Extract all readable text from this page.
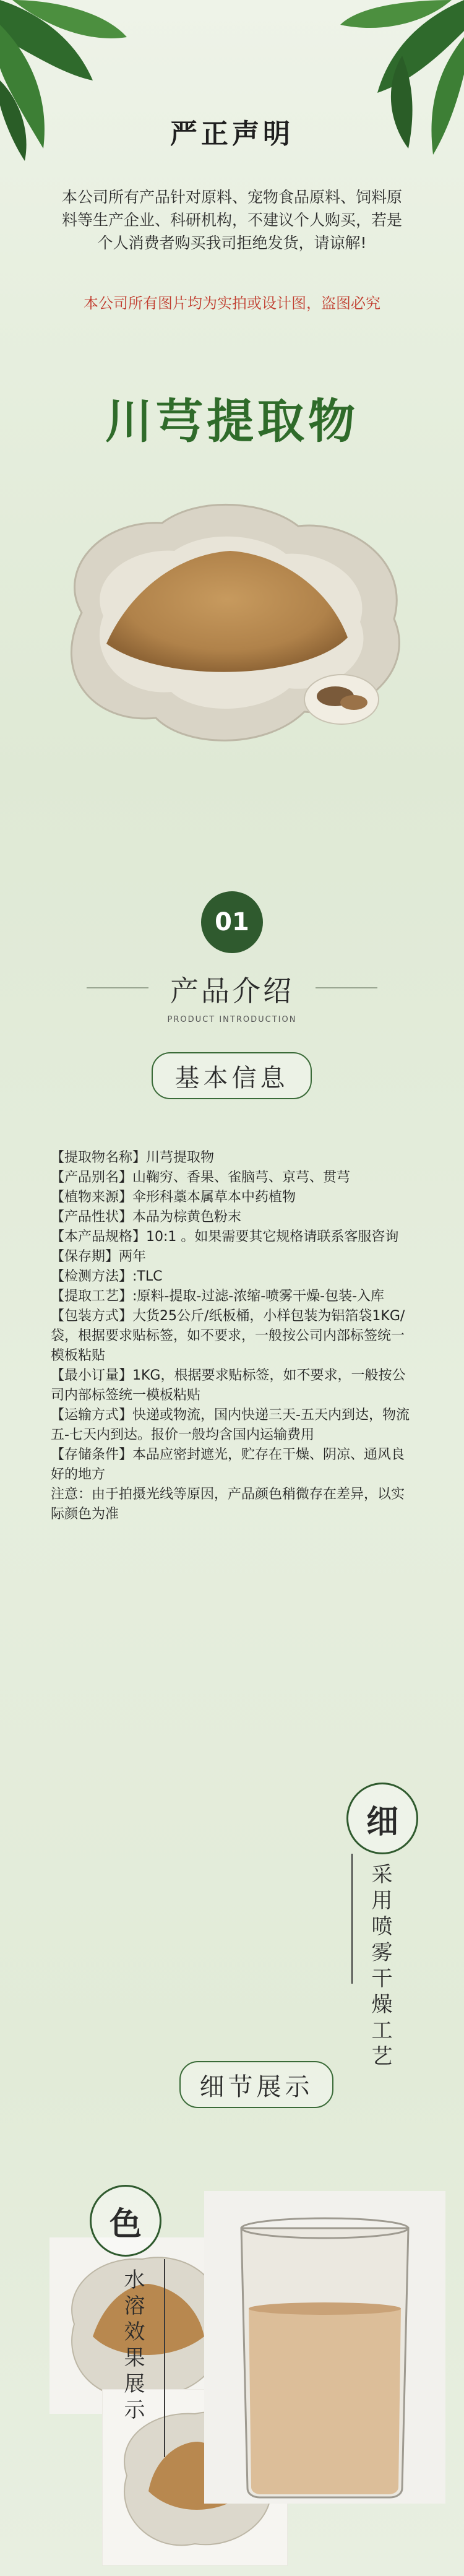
严正声明
本公司所有产品针对原料、宠物食品原料、饲料原料等生产企业、科研机构，不建议个人购买，若是个人消费者购买我司拒绝发货，请谅解!
本公司所有图片均为实拍或设计图，盗图必究
川芎提取物
01
产品介绍
PRODUCT INTRODUCTION
基本信息

【提取物名称】川芎提取物

【产品别名】山鞠穷、香果、雀脑芎、京芎、贯芎

【植物来源】伞形科藁本属草本中药植物

【产品性状】本品为棕黄色粉末

【本产品规格】10:1 。如果需要其它规格请联系客服咨询

【保存期】两年

【检测方法】:TLC

【提取工艺】:原料-提取-过滤-浓缩-喷雾干燥-包装-入库

【包装方式】大货25公斤/纸板桶，小样包装为铝箔袋1KG/袋，根据要求贴标签，如不要求，一般按公司内部标签统一模板粘贴

【最小订量】1KG，根据要求贴标签，如不要求，一般按公司内部标签统一模板粘贴

【运输方式】快递或物流，国内快递三天-五天内到达，物流五-七天内到达。报价一般均含国内运输费用

【存储条件】本品应密封遮光，贮存在干燥、阴凉、通风良好的地方

注意：由于拍摄光线等原因，产品颜色稍微存在差异，以实际颜色为准

细节展示
细
采用喷雾干燥工艺
色
水溶效果展示
